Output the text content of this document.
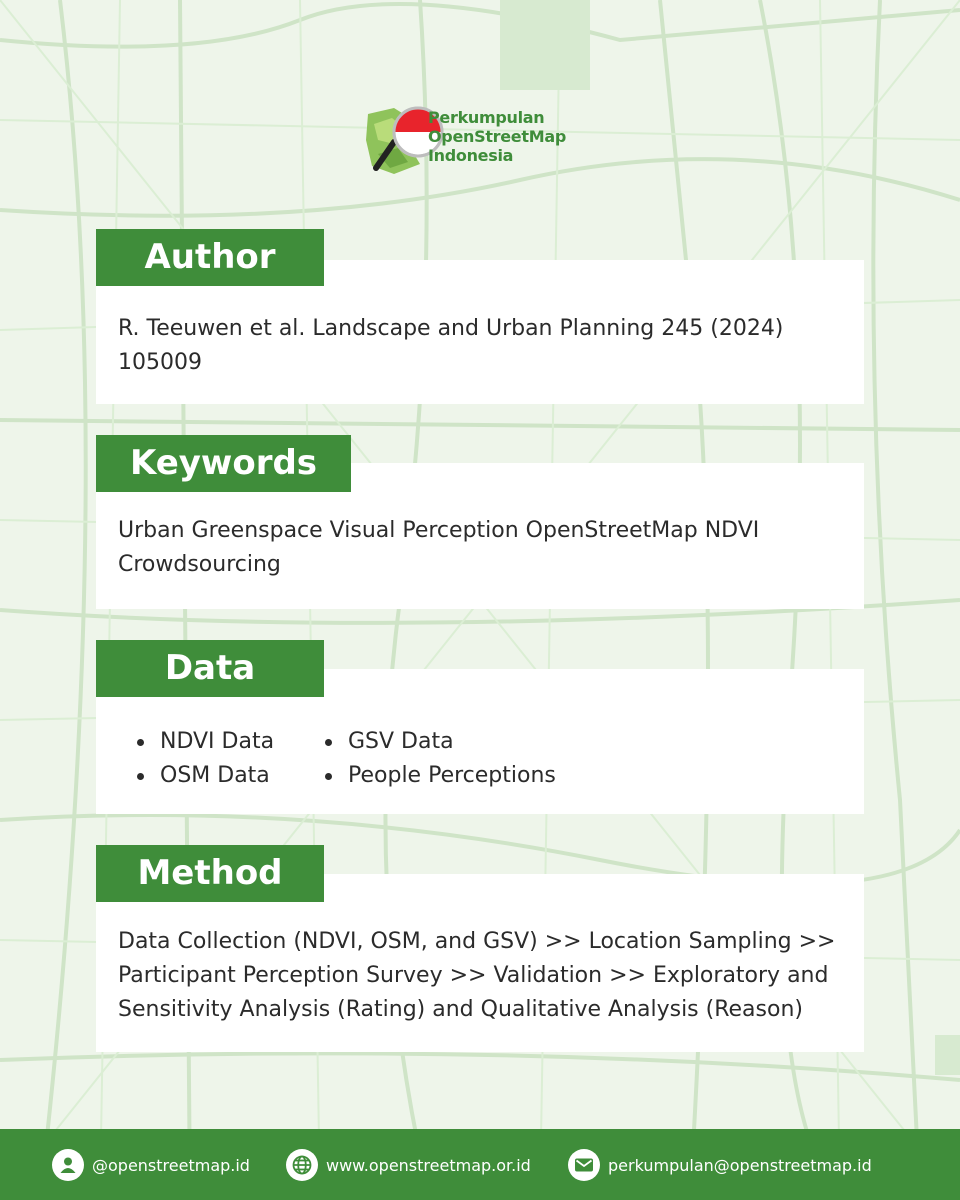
Perkumpulan
OpenStreetMap
Indonesia
R. Teeuwen et al. Landscape and Urban Planning 245 (2024) 105009
Author
Urban Greenspace Visual Perception OpenStreetMap NDVI Crowdsourcing
Keywords
NDVI Data
OSM Data
GSV Data
People Perceptions
Data
Data Collection (NDVI, OSM, and GSV) >> Location Sampling >> Participant Perception Survey >> Validation >> Exploratory and Sensitivity Analysis (Rating) and Qualitative Analysis (Reason)
Method
@openstreetmap.id	www.openstreetmap.or.id	perkumpulan@openstreetmap.id
